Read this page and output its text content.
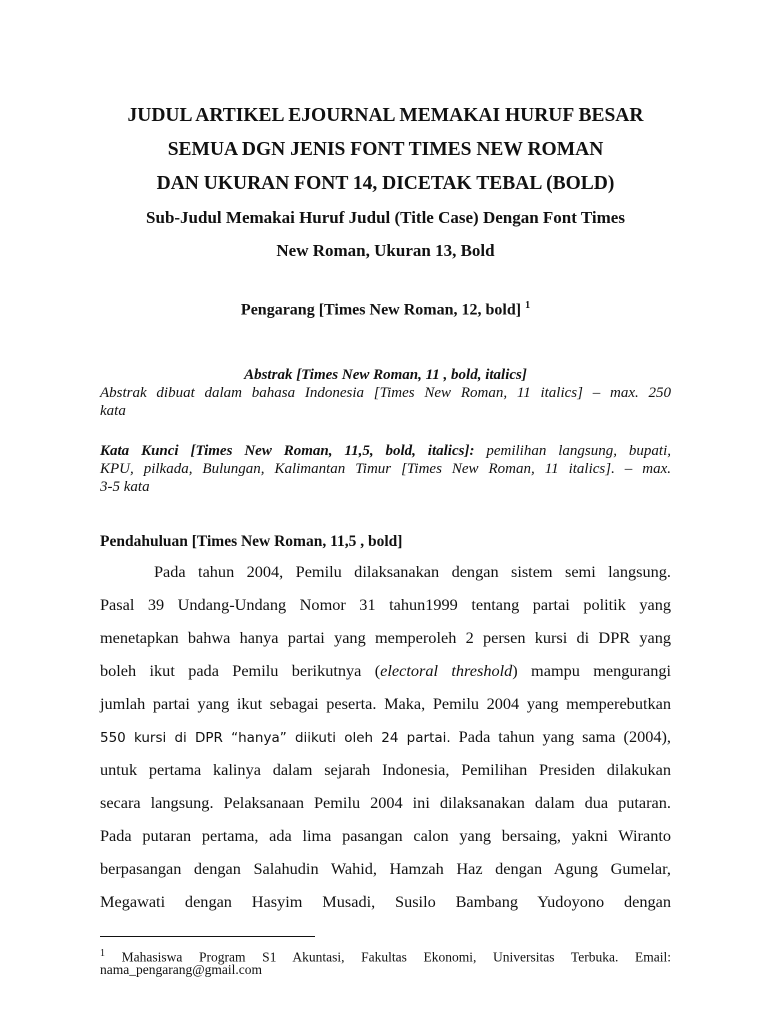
JUDUL ARTIKEL EJOURNAL MEMAKAI HURUF BESAR
SEMUA DGN JENIS FONT TIMES NEW ROMAN
DAN UKURAN FONT 14, DICETAK TEBAL (BOLD)
Sub-Judul Memakai Huruf Judul (Title Case) Dengan Font Times
New Roman, Ukuran 13, Bold
Pengarang [Times New Roman, 12, bold] $^1$
Abstrak [Times New Roman, 11 , bold, italics]
Abstrak dibuat dalam bahasa Indonesia [Times New Roman, 11 italics] – max. 250
kata
Kata Kunci [Times New Roman, 11,5, bold, italics]: pemilihan langsung, bupati,
KPU, pilkada, Bulungan, Kalimantan Timur [Times New Roman, 11 italics]. – max.
3-5 kata
Pendahuluan [Times New Roman, 11,5 , bold]
Pada tahun 2004, Pemilu dilaksanakan dengan sistem semi langsung.
Pasal 39 Undang-Undang Nomor 31 tahun1999 tentang partai politik yang
menetapkan bahwa hanya partai yang memperoleh 2 persen kursi di DPR yang
boleh ikut pada Pemilu berikutnya (electoral threshold) mampu mengurangi
jumlah partai yang ikut sebagai peserta. Maka, Pemilu 2004 yang memperebutkan
550 kursi di DPR “hanya” diikuti oleh 24 partai. Pada tahun yang sama (2004),
untuk pertama kalinya dalam sejarah Indonesia, Pemilihan Presiden dilakukan
secara langsung. Pelaksanaan Pemilu 2004 ini dilaksanakan dalam dua putaran.
Pada putaran pertama, ada lima pasangan calon yang bersaing, yakni Wiranto
berpasangan dengan Salahudin Wahid, Hamzah Haz dengan Agung Gumelar,
Megawati dengan Hasyim Musadi, Susilo Bambang Yudoyono dengan
$^1$ Mahasiswa Program S1 Akuntasi, Fakultas Ekonomi, Universitas Terbuka. Email:
nama_pengarang@gmail.com
